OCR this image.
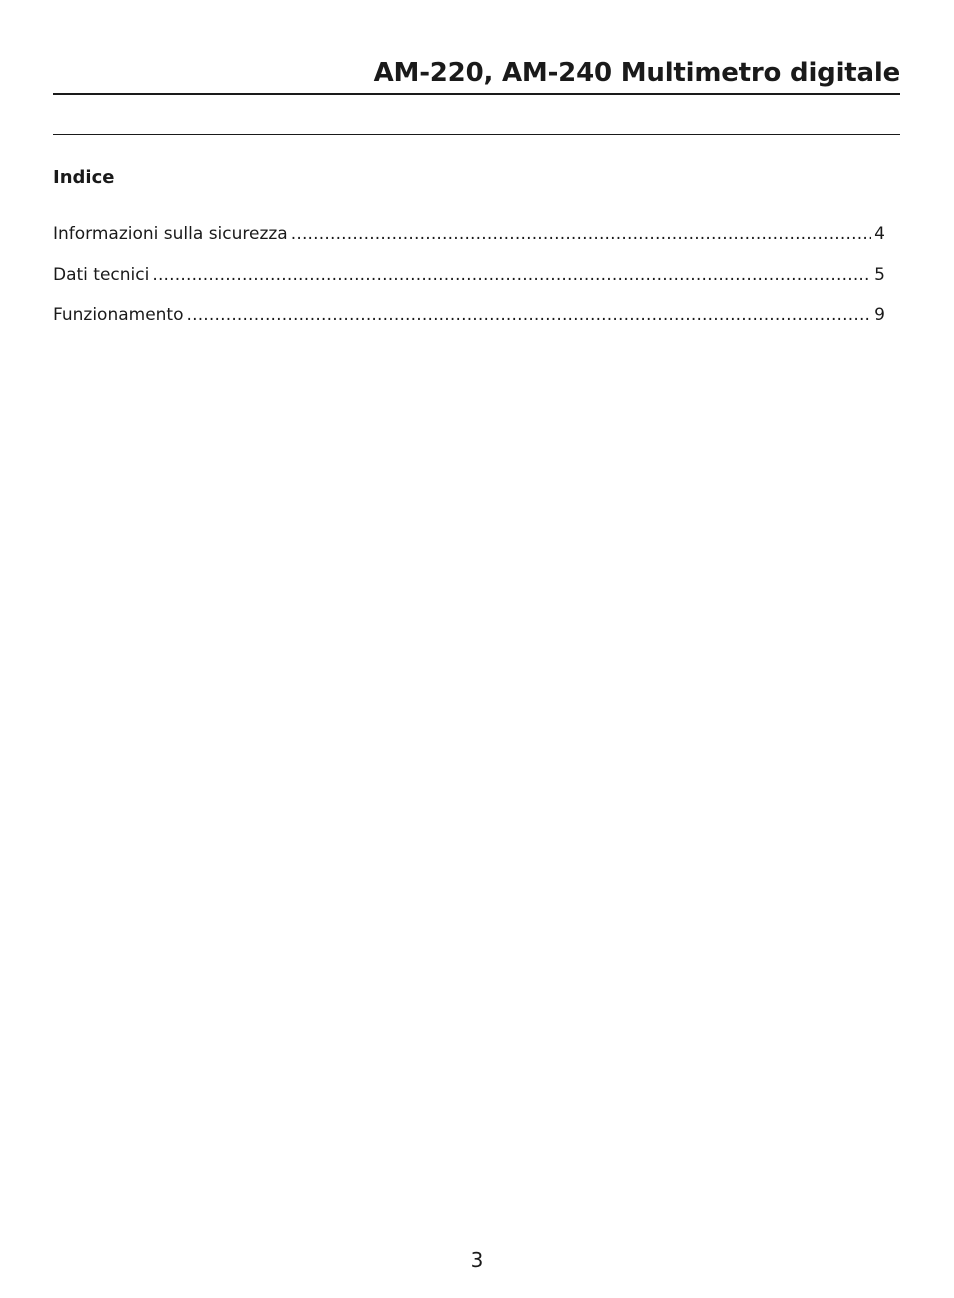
AM-220, AM-240 Multimetro digitale
Indice
Informazioni sulla sicurezza .....	4
Dati tecnici .....	5
Funzionamento .....	9
3
